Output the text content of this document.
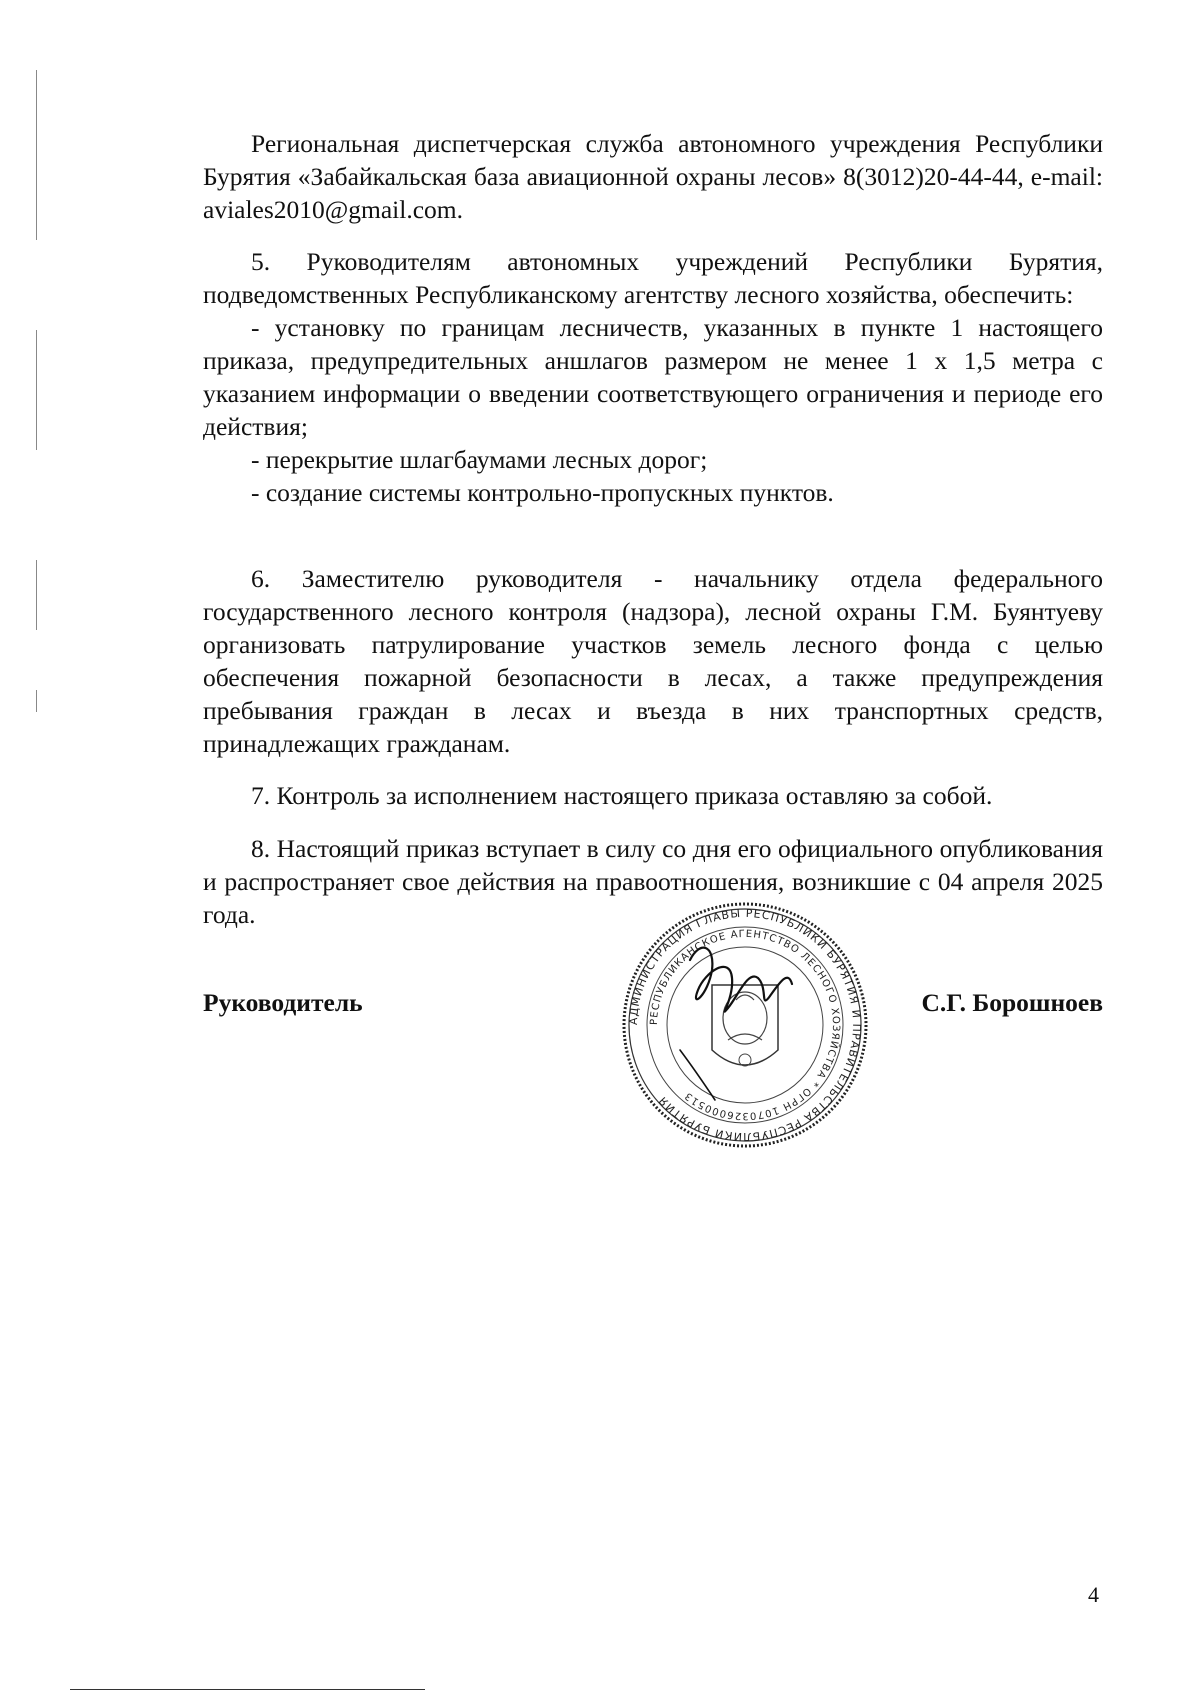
Региональная диспетчерская служба автономного учреждения Республики Бурятия «Забайкальская база авиационной охраны лесов» 8(3012)20-44-44, e-mail: aviales2010@gmail.com.

5. Руководителям автономных учреждений Республики Бурятия, подведомственных Республиканскому агентству лесного хозяйства, обеспечить:

- установку по границам лесничеств, указанных в пункте 1 настоящего приказа, предупредительных аншлагов размером не менее 1 х 1,5 метра с указанием информации о введении соответствующего ограничения и периоде его действия;

- перекрытие шлагбаумами лесных дорог;

- создание системы контрольно-пропускных пунктов.

6. Заместителю руководителя - начальнику отдела федерального государственного лесного контроля (надзора), лесной охраны Г.М. Буянтуеву организовать патрулирование участков земель лесного фонда с целью обеспечения пожарной безопасности в лесах, а также предупреждения пребывания граждан в лесах и въезда в них транспортных средств, принадлежащих гражданам.

7. Контроль за исполнением настоящего приказа оставляю за собой.

8. Настоящий приказ вступает в силу со дня его официального опубликования и распространяет свое действия на правоотношения, возникшие с 04 апреля 2025 года.

АДМИНИСТРАЦИЯ ГЛАВЫ РЕСПУБЛИКИ БУРЯТИЯ И ПРАВИТЕЛЬСТВА РЕСПУБЛИКИ БУРЯТИЯ
РЕСПУБЛИКАНСКОЕ АГЕНТСТВО ЛЕСНОГО ХОЗЯЙСТВА * ОГРН 1070326000513
Руководитель	С.Г. Борошноев
4
